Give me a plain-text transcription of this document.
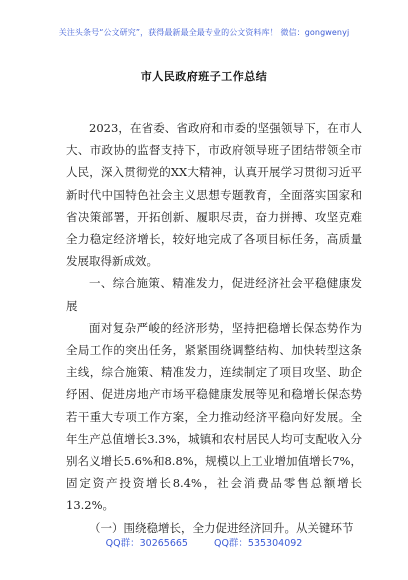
关注头条号“公文研究”，获得最新最全最专业的公文资料库！ 微信：gongwenyj
市人民政府班子工作总结

2023，在省委、省政府和市委的坚强领导下，在市人大、市政协的监督支持下，市政府领导班子团结带领全市人民，深入贯彻党的XX大精神，认真开展学习贯彻习近平新时代中国特色社会主义思想专题教育，全面落实国家和省决策部署，开拓创新、履职尽责，奋力拼搏、攻坚克难全力稳定经济增长，较好地完成了各项目标任务，高质量发展取得新成效。

一、综合施策、精准发力，促进经济社会平稳健康发展

面对复杂严峻的经济形势，坚持把稳增长保态势作为全局工作的突出任务，紧紧围绕调整结构、加快转型这条主线，综合施策、精准发力，连续制定了项目攻坚、助企纾困、促进房地产市场平稳健康发展等见和稳增长保态势若干重大专项工作方案，全力推动经济平稳向好发展。全年生产总值增长3.3%，城镇和农村居民人均可支配收入分别名义增长5.6%和8.8%，规模以上工业增加值增长7%，固定资产投资增长8.4%，社会消费品零售总额增长13.2%。

（一）围绕稳增长，全力促进经济回升。从关键环节

QQ群：30265665	QQ群：535304092
